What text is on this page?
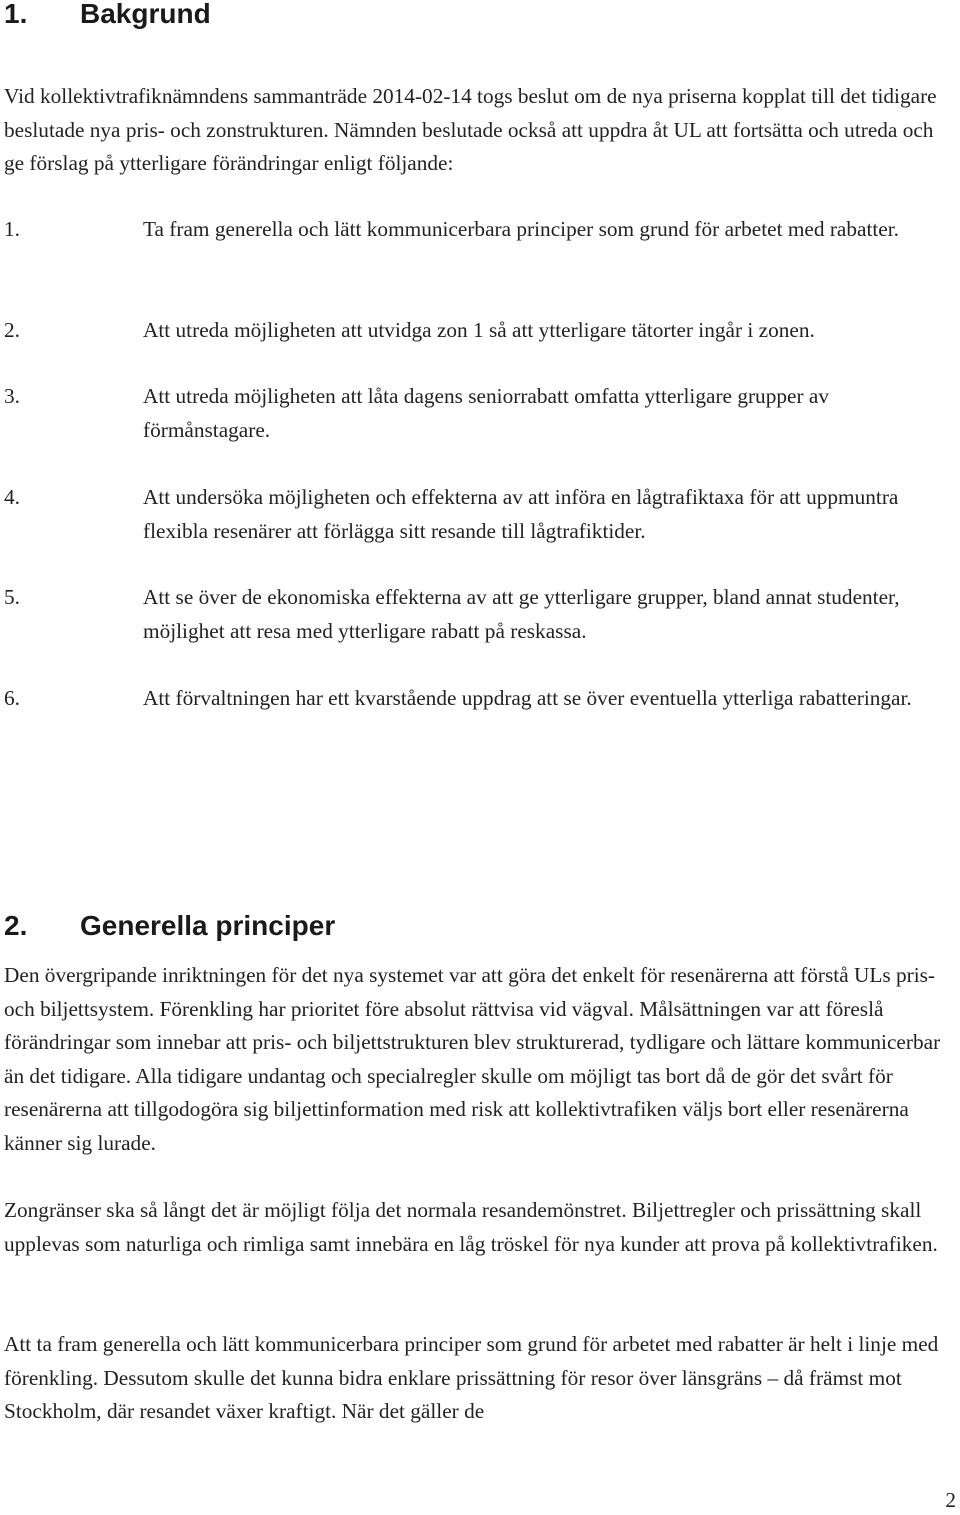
1. Bakgrund

Vid kollektivtrafiknämndens sammanträde 2014-02-14 togs beslut om de nya priserna kopplat till det tidigare beslutade nya pris- och zonstrukturen. Nämnden beslutade också att uppdra åt UL att fortsätta och utreda och ge förslag på ytterligare förändringar enligt följande:

1.	Ta fram generella och lätt kommunicerbara principer som grund för arbetet med rabatter.
2.	Att utreda möjligheten att utvidga zon 1 så att ytterligare tätorter ingår i zonen.
3.	Att utreda möjligheten att låta dagens seniorrabatt omfatta ytterligare grupper av förmånstagare.
4.	Att undersöka möjligheten och effekterna av att införa en lågtrafiktaxa för att uppmuntra flexibla resenärer att förlägga sitt resande till lågtrafiktider.
5.	Att se över de ekonomiska effekterna av att ge ytterligare grupper, bland annat studenter, möjlighet att resa med ytterligare rabatt på reskassa.
6.	Att förvaltningen har ett kvarstående uppdrag att se över eventuella ytterliga rabatteringar.
2. Generella principer

Den övergripande inriktningen för det nya systemet var att göra det enkelt för resenärerna att förstå ULs pris- och biljettsystem. Förenkling har prioritet före absolut rättvisa vid vägval. Målsättningen var att föreslå förändringar som innebar att pris- och biljettstrukturen blev strukturerad, tydligare och lättare kommunicerbar än det tidigare. Alla tidigare undantag och specialregler skulle om möjligt tas bort då de gör det svårt för resenärerna att tillgodogöra sig biljettinformation med risk att kollektivtrafiken väljs bort eller resenärerna känner sig lurade.

Zongränser ska så långt det är möjligt följa det normala resandemönstret. Biljettregler och prissättning skall upplevas som naturliga och rimliga samt innebära en låg tröskel för nya kunder att prova på kollektivtrafiken.

Att ta fram generella och lätt kommunicerbara principer som grund för arbetet med rabatter är helt i linje med förenkling. Dessutom skulle det kunna bidra enklare prissättning för resor över länsgräns – då främst mot Stockholm, där resandet växer kraftigt. När det gäller de

2
